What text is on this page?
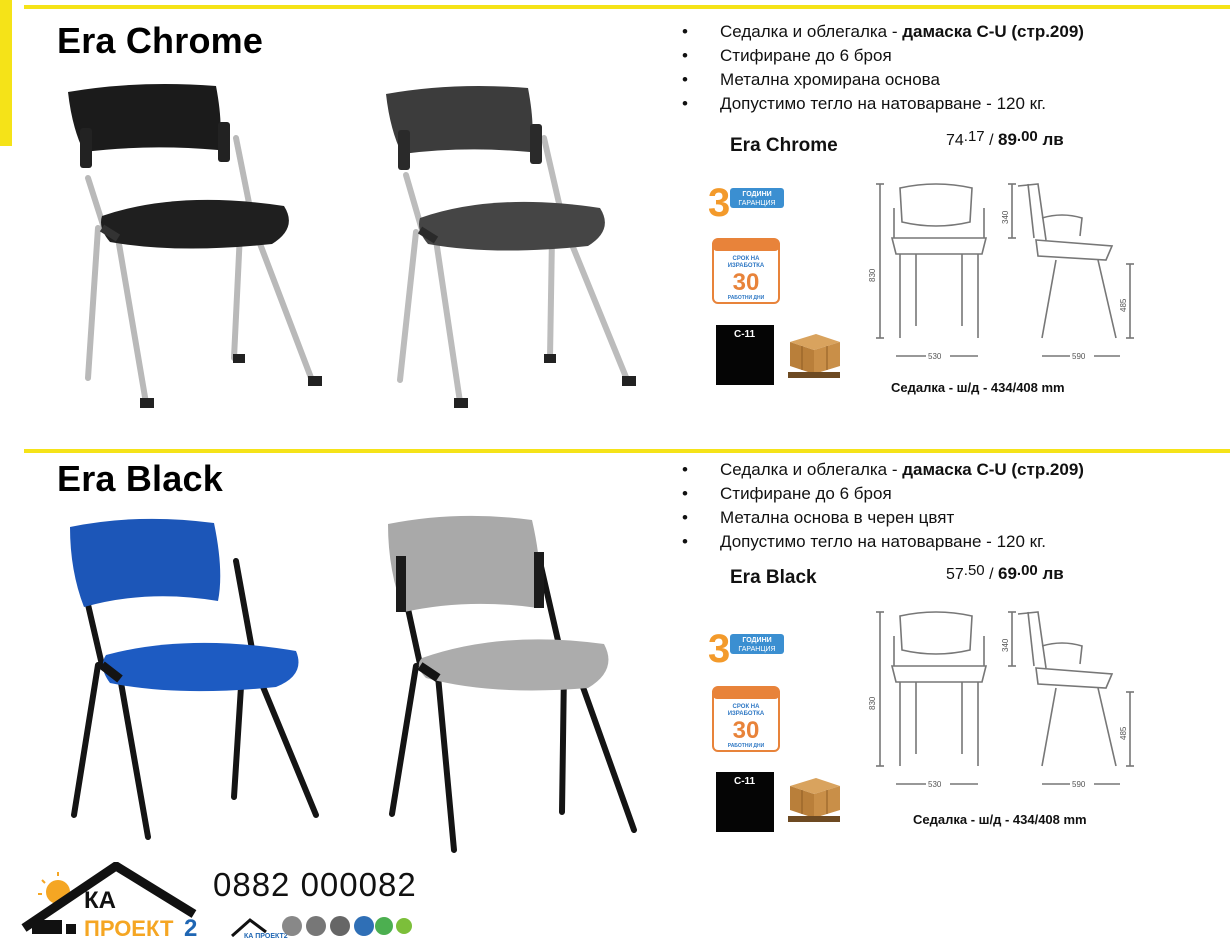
Era Chrome	• Седалка и облегалка - дамаска C-U (стр.209)
• Стифиране до 6 броя
• Метална хромирана основа
• Допустимо тегло на натоварване - 120 кг.
Era Chrome	$74^{.17} / 89^{.00}$ лв
3 ГОДИНИ
ГАРАНЦИЯ
СРОК НА
ИЗРАБОТКА
30
РАБОТНИ ДНИ
C-11
830
340
485
530	590
Седалка - ш/д - 434/408 mm
Era Black	• Седалка и облегалка - дамаска C-U (стр.209)
• Стифиране до 6 броя
• Метална основа в черен цвят
• Допустимо тегло на натоварване - 120 кг.
Era Black	$57^{.50} / 69^{.00}$ лв
3 ГОДИНИ
ГАРАНЦИЯ
СРОК НА
ИЗРАБОТКА
30
РАБОТНИ ДНИ
C-11
830
340
485
530	590
Седалка - ш/д - 434/408 mm
КА
ПРОЕКТ 2
0882 000082
КА ПРОЕКТ2
